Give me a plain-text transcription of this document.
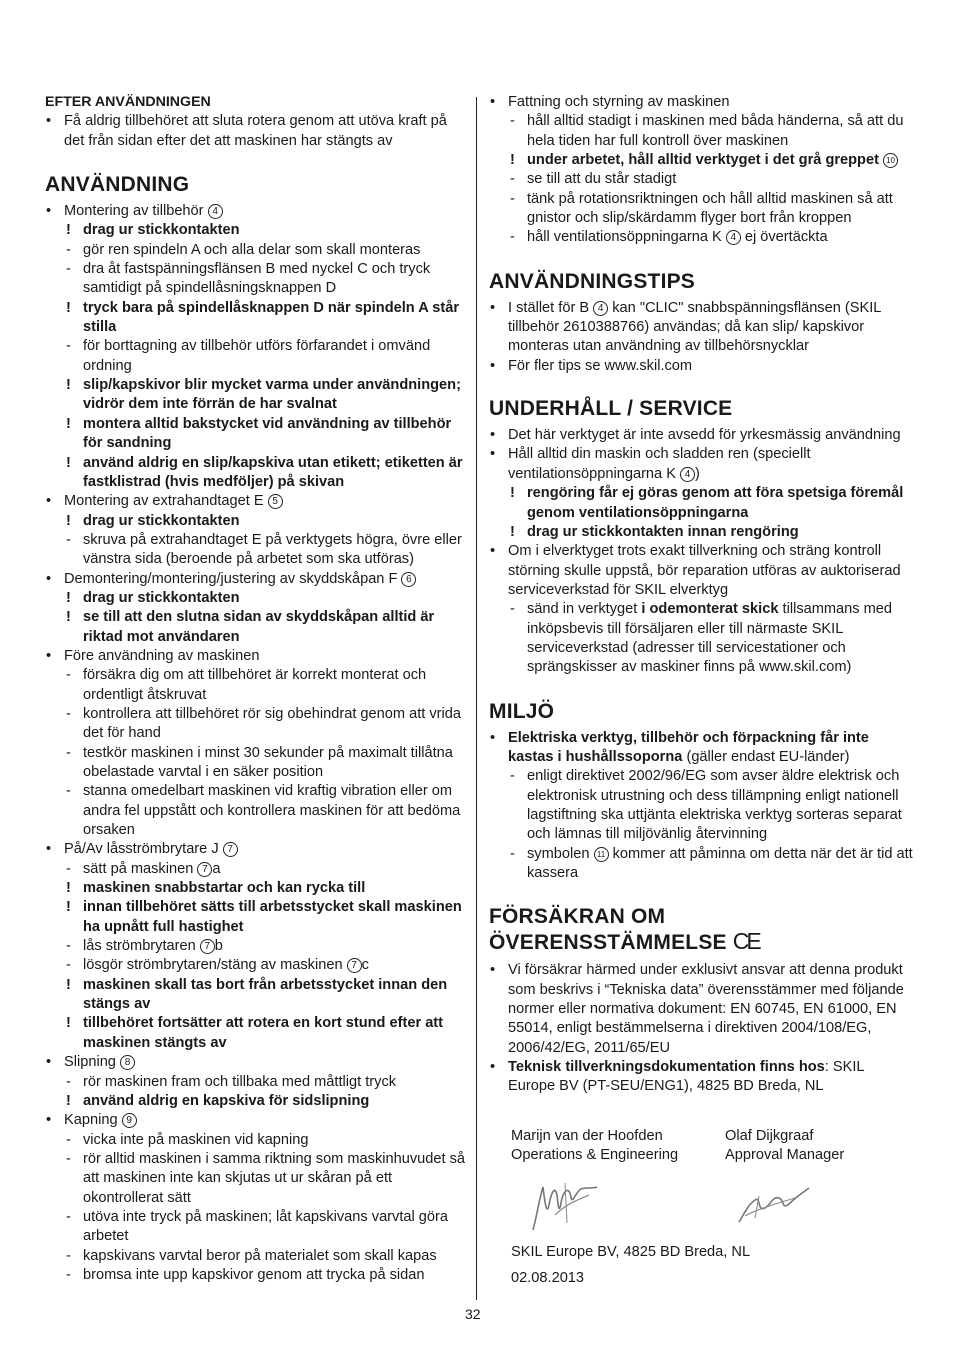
EFTER ANVÄNDNINGEN
• Få aldrig tillbehöret att sluta rotera genom att utöva kraft på det från sidan efter det att maskinen har stängts av
ANVÄNDNING
• Montering av tillbehör 4
! drag ur stickkontakten
- gör ren spindeln A och alla delar som skall monteras
- dra åt fastspänningsflänsen B med nyckel C och tryck samtidigt på spindellåsningsknappen D
! tryck bara på spindellåsknappen D när spindeln A står stilla
- för borttagning av tillbehör utförs förfarandet i omvänd ordning
! slip/kapskivor blir mycket varma under användningen; vidrör dem inte förrän de har svalnat
! montera alltid bakstycket vid användning av tillbehör för sandning
! använd aldrig en slip/kapskiva utan etikett; etiketten är fastklistrad (hvis medföljer) på skivan
• Montering av extrahandtaget E 5
! drag ur stickkontakten
- skruva på extrahandtaget E på verktygets högra, övre eller vänstra sida (beroende på arbetet som ska utföras)
• Demontering/montering/justering av skyddskåpan F 6
! drag ur stickkontakten
! se till att den slutna sidan av skyddskåpan alltid är riktad mot användaren
• Före användning av maskinen
- försäkra dig om att tillbehöret är korrekt monterat och ordentligt åtskruvat
- kontrollera att tillbehöret rör sig obehindrat genom att vrida det för hand
- testkör maskinen i minst 30 sekunder på maximalt tillåtna obelastade varvtal i en säker position
- stanna omedelbart maskinen vid kraftig vibration eller om andra fel uppstått och kontrollera maskinen för att bedöma orsaken
• På/Av låsströmbrytare J 7
- sätt på maskinen 7 a
! maskinen snabbstartar och kan rycka till
! innan tillbehöret sätts till arbetsstycket skall maskinen ha upnått full hastighet
- lås strömbrytaren 7 b
- lösgör strömbrytaren/stäng av maskinen 7 c
! maskinen skall tas bort från arbetsstycket innan den stängs av
! tillbehöret fortsätter att rotera en kort stund efter att maskinen stängts av
• Slipning 8
- rör maskinen fram och tillbaka med måttligt tryck
! använd aldrig en kapskiva för sidslipning
• Kapning 9
- vicka inte på maskinen vid kapning
- rör alltid maskinen i samma riktning som maskinhuvudet så att maskinen inte kan skjutas ut ur skåran på ett okontrollerat sätt
- utöva inte tryck på maskinen; låt kapskivans varvtal göra arbetet
- kapskivans varvtal beror på materialet som skall kapas
- bromsa inte upp kapskivor genom att trycka på sidan
• Fattning och styrning av maskinen
- håll alltid stadigt i maskinen med båda händerna, så att du hela tiden har full kontroll över maskinen
! under arbetet, håll alltid verktyget i det grå greppet 10
- se till att du står stadigt
- tänk på rotationsriktningen och håll alltid maskinen så att gnistor och slip/skärdamm flyger bort från kroppen
- håll ventilationsöppningarna K 4 ej övertäckta
ANVÄNDNINGSTIPS
• I stället för B 4 kan "CLIC" snabbspänningsflänsen (SKIL tillbehör 2610388766) användas; då kan slip/ kapskivor monteras utan användning av tillbehörsnycklar
• För fler tips se www.skil.com
UNDERHÅLL / SERVICE
• Det här verktyget är inte avsedd för yrkesmässig användning
• Håll alltid din maskin och sladden ren (speciellt ventilationsöppningarna K 4 )
! rengöring får ej göras genom att föra spetsiga föremål genom ventilationsöppningarna
! drag ur stickkontakten innan rengöring
• Om i elverktyget trots exakt tillverkning och sträng kontroll störning skulle uppstå, bör reparation utföras av auktoriserad serviceverkstad för SKIL elverktyg
- sänd in verktyget i odemonterat skick tillsammans med inköpsbevis till försäljaren eller till närmaste SKIL serviceverkstad (adresser till servicestationer och sprängskisser av maskiner finns på www.skil.com)
MILJÖ
• Elektriska verktyg, tillbehör och förpackning får inte kastas i hushållssoporna (gäller endast EU-länder)
- enligt direktivet 2002/96/EG som avser äldre elektrisk och elektronisk utrustning och dess tillämpning enligt nationell lagstiftning ska uttjänta elektriska verktyg sorteras separat och lämnas till miljövänlig återvinning
- symbolen 11 kommer att påminna om detta när det är tid att kassera
FÖRSÄKRAN OM
ÖVERENSSTÄMMELSE CE
• Vi försäkrar härmed under exklusivt ansvar att denna produkt som beskrivs i “Tekniska data” överensstämmer med följande normer eller normativa dokument: EN 60745, EN 61000, EN 55014, enligt bestämmelserna i direktiven 2004/108/EG, 2006/42/EG, 2011/65/EU
• Teknisk tillverkningsdokumentation finns hos: SKIL Europe BV (PT-SEU/ENG1), 4825 BD Breda, NL
Marijn van der Hoofden
Operations & Engineering
Olaf Dijkgraaf
Approval Manager
SKIL Europe BV, 4825 BD Breda, NL
02.08.2013
32
